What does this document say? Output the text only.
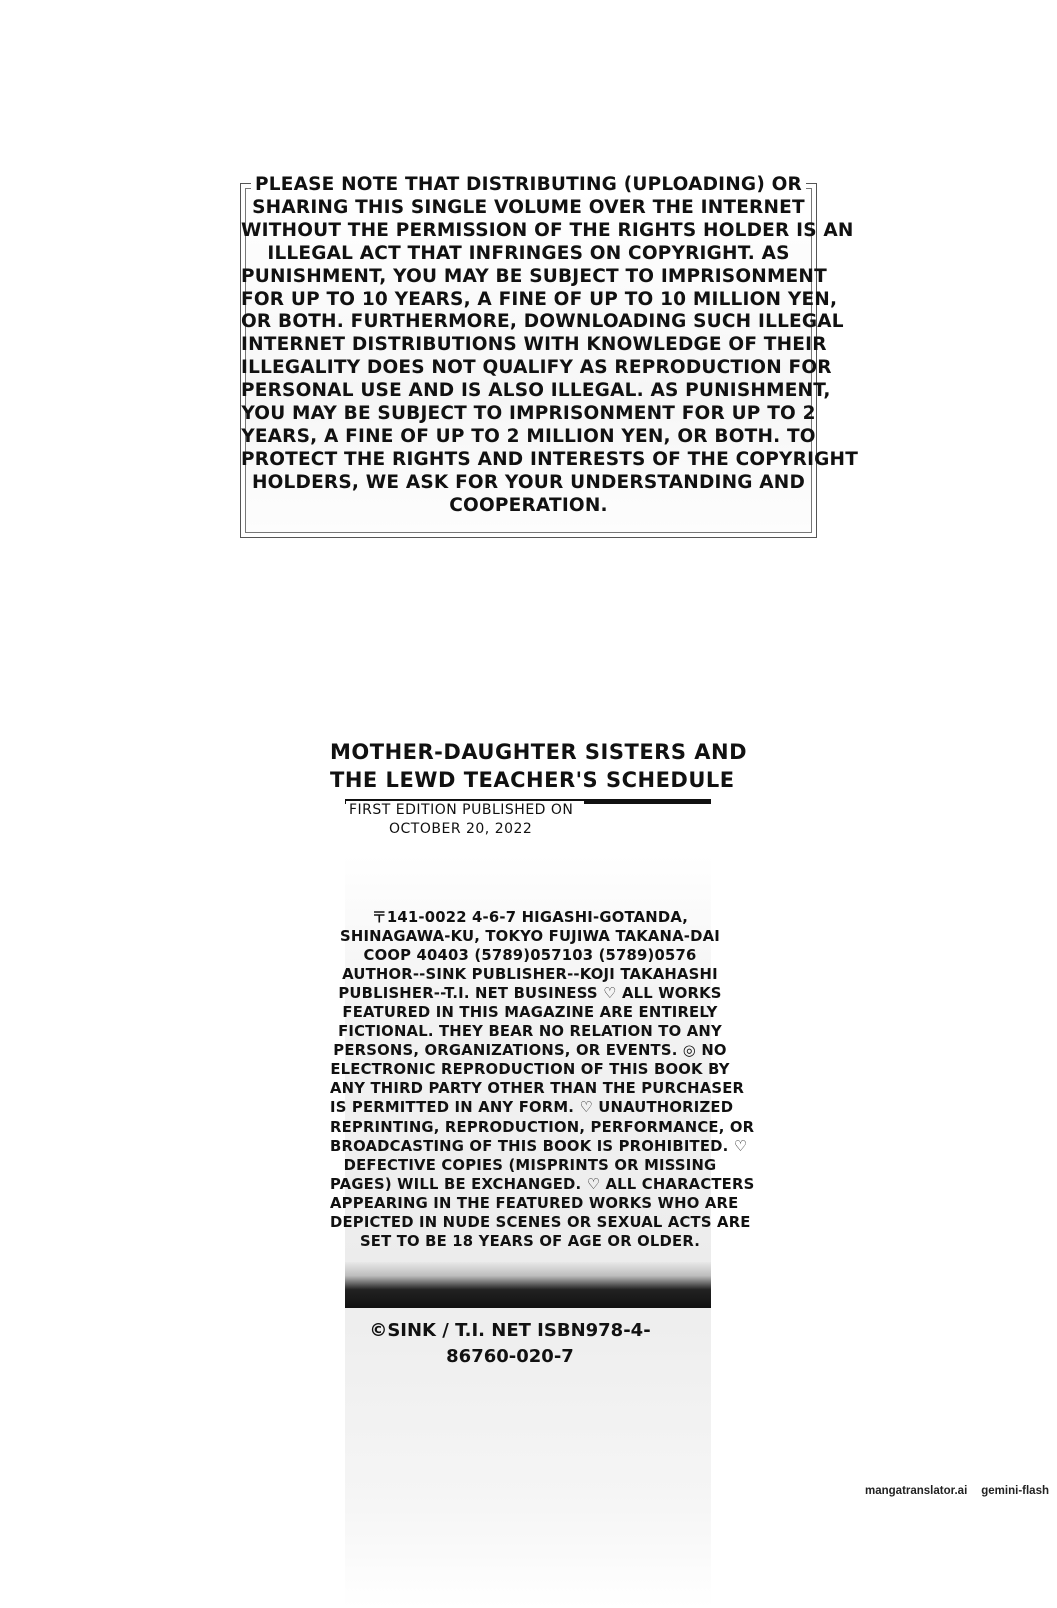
PLEASE NOTE THAT DISTRIBUTING (UPLOADING) OR
SHARING THIS SINGLE VOLUME OVER THE INTERNET
WITHOUT THE PERMISSION OF THE RIGHTS HOLDER IS AN
ILLEGAL ACT THAT INFRINGES ON COPYRIGHT. AS
PUNISHMENT, YOU MAY BE SUBJECT TO IMPRISONMENT
FOR UP TO 10 YEARS, A FINE OF UP TO 10 MILLION YEN,
OR BOTH. FURTHERMORE, DOWNLOADING SUCH ILLEGAL
INTERNET DISTRIBUTIONS WITH KNOWLEDGE OF THEIR
ILLEGALITY DOES NOT QUALIFY AS REPRODUCTION FOR
PERSONAL USE AND IS ALSO ILLEGAL. AS PUNISHMENT,
YOU MAY BE SUBJECT TO IMPRISONMENT FOR UP TO 2
YEARS, A FINE OF UP TO 2 MILLION YEN, OR BOTH. TO
PROTECT THE RIGHTS AND INTERESTS OF THE COPYRIGHT
HOLDERS, WE ASK FOR YOUR UNDERSTANDING AND
COOPERATION.
MOTHER-DAUGHTER SISTERS AND
THE LEWD TEACHER'S SCHEDULE
FIRST EDITION PUBLISHED ON
OCTOBER 20, 2022
〒141-0022 4-6-7 HIGASHI-GOTANDA,
SHINAGAWA-KU, TOKYO FUJIWA TAKANA-DAI
COOP 40403 (5789)057103 (5789)0576
AUTHOR--SINK PUBLISHER--KOJI TAKAHASHI
PUBLISHER--T.I. NET BUSINESS ♡ ALL WORKS
FEATURED IN THIS MAGAZINE ARE ENTIRELY
FICTIONAL. THEY BEAR NO RELATION TO ANY
PERSONS, ORGANIZATIONS, OR EVENTS. ◎ NO
ELECTRONIC REPRODUCTION OF THIS BOOK BY
ANY THIRD PARTY OTHER THAN THE PURCHASER
IS PERMITTED IN ANY FORM. ♡ UNAUTHORIZED
REPRINTING, REPRODUCTION, PERFORMANCE, OR
BROADCASTING OF THIS BOOK IS PROHIBITED. ♡
DEFECTIVE COPIES (MISPRINTS OR MISSING
PAGES) WILL BE EXCHANGED. ♡ ALL CHARACTERS
APPEARING IN THE FEATURED WORKS WHO ARE
DEPICTED IN NUDE SCENES OR SEXUAL ACTS ARE
SET TO BE 18 YEARS OF AGE OR OLDER.
©SINK / T.I. NET ISBN978-4-
86760-020-7
mangatranslator.ai gemini-flash
